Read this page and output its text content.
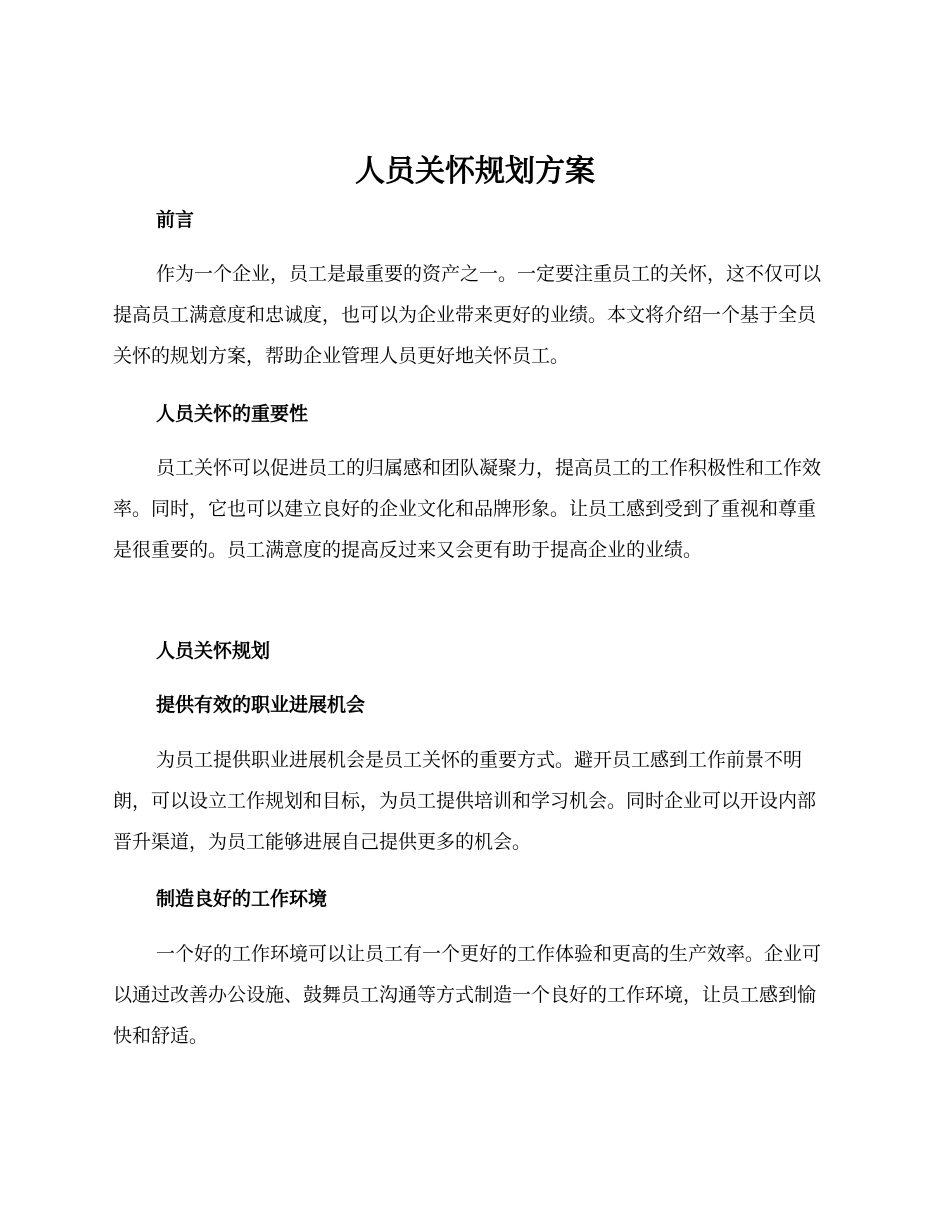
人员关怀规划方案
前言

作为一个企业，员工是最重要的资产之一。一定要注重员工的关怀，这不仅可以提高员工满意度和忠诚度，也可以为企业带来更好的业绩。本文将介绍一个基于全员关怀的规划方案，帮助企业管理人员更好地关怀员工。

人员关怀的重要性

员工关怀可以促进员工的归属感和团队凝聚力，提高员工的工作积极性和工作效率。同时，它也可以建立良好的企业文化和品牌形象。让员工感到受到了重视和尊重是很重要的。员工满意度的提高反过来又会更有助于提高企业的业绩。

人员关怀规划
提供有效的职业进展机会

为员工提供职业进展机会是员工关怀的重要方式。避开员工感到工作前景不明朗，可以设立工作规划和目标，为员工提供培训和学习机会。同时企业可以开设内部晋升渠道，为员工能够进展自己提供更多的机会。

制造良好的工作环境

一个好的工作环境可以让员工有一个更好的工作体验和更高的生产效率。企业可以通过改善办公设施、鼓舞员工沟通等方式制造一个良好的工作环境，让员工感到愉快和舒适。
